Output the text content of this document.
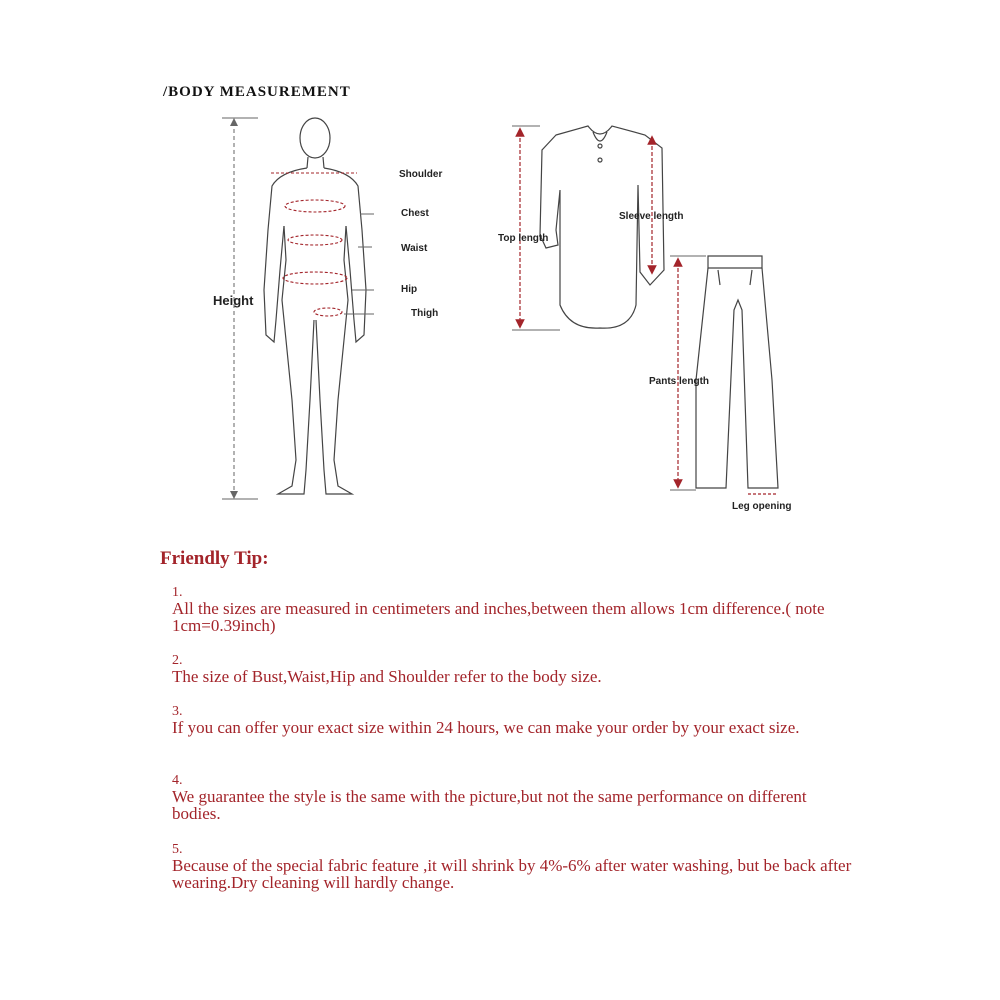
/BODY MEASUREMENT
Height
Shoulder
Chest
Waist
Hip
Thigh
Top length
Sleeve length
Pants length
Leg opening
Friendly Tip:
1.
All the sizes are measured in centimeters and inches,between them allows 1cm difference.( note 1cm=0.39inch)
2.
The size of Bust,Waist,Hip and Shoulder refer to the body size.
3.
If you can offer your exact size within 24 hours, we can make your order by your exact size.
4.
We guarantee the style is the same with the picture,but not the same performance on different bodies.
5.
Because of the special fabric feature ,it will shrink by 4%-6% after water washing, but be back after wearing.Dry cleaning will hardly change.
